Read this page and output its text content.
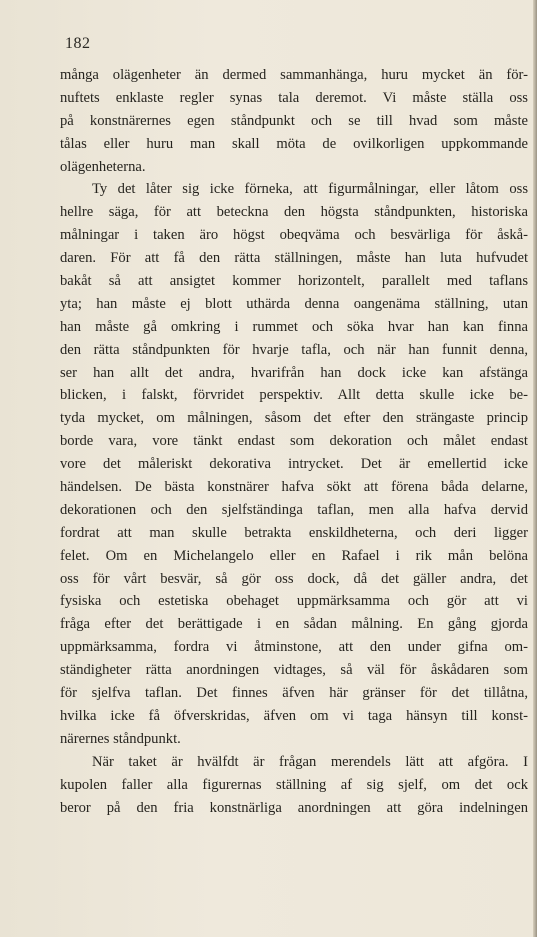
182
många olägenheter än dermed sammanhänga, huru mycket än för-
nuftets enklaste regler synas tala deremot. Vi måste ställa oss
på konstnärernes egen ståndpunkt och se till hvad som måste
tålas eller huru man skall möta de ovilkorligen uppkommande
olägenheterna.
Ty det låter sig icke förneka, att figurmålningar, eller låtom oss
hellre säga, för att beteckna den högsta ståndpunkten, historiska
målningar i taken äro högst obeqväma och besvärliga för åskå-
daren. För att få den rätta ställningen, måste han luta hufvudet
bakåt så att ansigtet kommer horizontelt, parallelt med taflans
yta; han måste ej blott uthärda denna oangenäma ställning, utan
han måste gå omkring i rummet och söka hvar han kan finna
den rätta ståndpunkten för hvarje tafla, och när han funnit denna,
ser han allt det andra, hvarifrån han dock icke kan afstänga
blicken, i falskt, förvridet perspektiv. Allt detta skulle icke be-
tyda mycket, om målningen, såsom det efter den strängaste princip
borde vara, vore tänkt endast som dekoration och målet endast
vore det måleriskt dekorativa intrycket. Det är emellertid icke
händelsen. De bästa konstnärer hafva sökt att förena båda delarne,
dekorationen och den sjelfständinga taflan, men alla hafva dervid
fordrat att man skulle betrakta enskildheterna, och deri ligger
felet. Om en Michelangelo eller en Rafael i rik mån belöna
oss för vårt besvär, så gör oss dock, då det gäller andra, det
fysiska och estetiska obehaget uppmärksamma och gör att vi
fråga efter det berättigade i en sådan målning. En gång gjorda
uppmärksamma, fordra vi åtminstone, att den under gifna om-
ständigheter rätta anordningen vidtages, så väl för åskådaren som
för sjelfva taflan. Det finnes äfven här gränser för det tillåtna,
hvilka icke få öfverskridas, äfven om vi taga hänsyn till konst-
närernes ståndpunkt.
När taket är hvälfdt är frågan merendels lätt att afgöra. I
kupolen faller alla figurernas ställning af sig sjelf, om det ock
beror på den fria konstnärliga anordningen att göra indelningen
